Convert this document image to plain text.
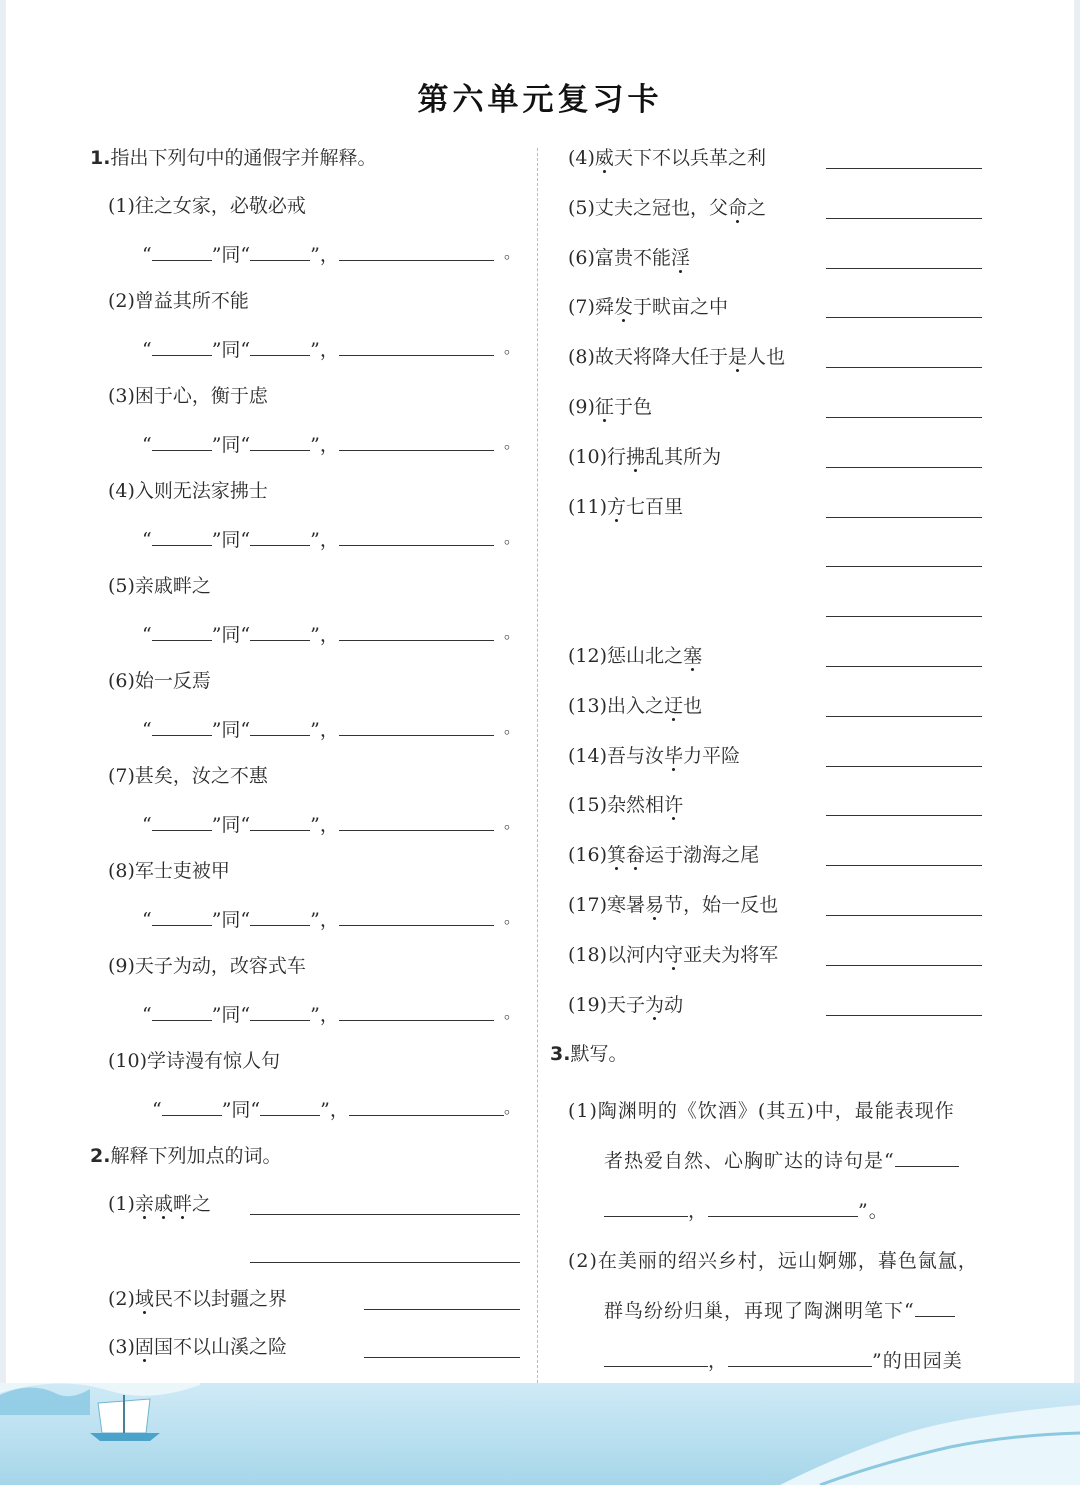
第六单元复习卡
1.指出下列句中的通假字并解释。
(1)往之女家，必敬必戒
“	”同“	”，	。
(2)曾益其所不能
“	”同“	”，	。
(3)困于心，衡于虑
“	”同“	”，	。
(4)入则无法家拂士
“	”同“	”，	。
(5)亲戚畔之
“	”同“	”，	。
(6)始一反焉
“	”同“	”，	。
(7)甚矣，汝之不惠
“	”同“	”，	。
(8)军士吏被甲
“	”同“	”，	。
(9)天子为动，改容式车
“	”同“	”，	。
(10)学诗漫有惊人句
“	”同“	”，	。
2.解释下列加点的词。
(1)亲戚畔之
(2)域民不以封疆之界
(3)固国不以山溪之险
(4)威天下不以兵革之利
(5)丈夫之冠也，父命之
(6)富贵不能淫
(7)舜发于畎亩之中
(8)故天将降大任于是人也
(9)征于色
(10)行拂乱其所为
(11)方七百里
(12)惩山北之塞
(13)出入之迂也
(14)吾与汝毕力平险
(15)杂然相许
(16)箕畚运于渤海之尾
(17)寒暑易节，始一反也
(18)以河内守亚夫为将军
(19)天子为动
3.默写。
(1)陶渊明的《饮酒》(其五)中，最能表现作
者热爱自然、心胸旷达的诗句是“
，	”。
(2)在美丽的绍兴乡村，远山婀娜，暮色氤氲，
群鸟纷纷归巢，再现了陶渊明笔下“
，	”的田园美
